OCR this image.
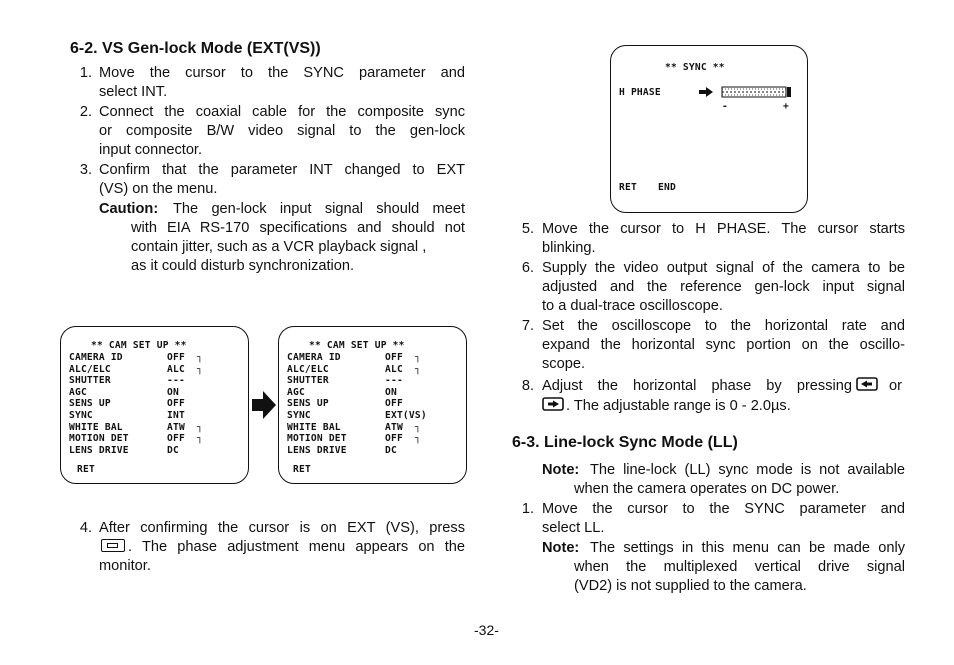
6-2. VS Gen-lock Mode (EXT(VS))
1. Move the cursor to the SYNC parameter and
select INT.
2. Connect the coaxial cable for the composite sync
or composite B/W video signal to the gen-lock
input connector.
3. Confirm that the parameter INT changed to EXT
(VS) on the menu.
Caution: The gen-lock input signal should meet
with EIA RS-170 specifications and should not
contain jitter, such as a VCR playback signal ,
as it could disturb synchronization.
** CAM SET UP **
CAMERA ID	OFF ┐
ALC/ELC	ALC ┐
SHUTTER	---
AGC	ON
SENS UP	OFF
SYNC	INT
WHITE BAL	ATW ┐
MOTION DET	OFF ┐
LENS DRIVE	DC
RET
** CAM SET UP **
CAMERA ID	OFF ┐
ALC/ELC	ALC ┐
SHUTTER	---
AGC	ON
SENS UP	OFF
SYNC	EXT(VS)
WHITE BAL	ATW ┐
MOTION DET	OFF ┐
LENS DRIVE	DC
RET
4. After confirming the cursor is on EXT (VS), press
. The phase adjustment menu appears on the
monitor.
** SYNC **
H PHASE
-	+
RET END
5. Move the cursor to H PHASE. The cursor starts
blinking.
6. Supply the video output signal of the camera to be
adjusted and the reference gen-lock input signal
to a dual-trace oscilloscope.
7. Set the oscilloscope to the horizontal rate and
expand the horizontal sync portion on the oscillo-
scope.
8. Adjust the horizontal phase by pressing	or
. The adjustable range is 0 - 2.0µs.
6-3. Line-lock Sync Mode (LL)
Note: The line-lock (LL) sync mode is not available
when the camera operates on DC power.
1. Move the cursor to the SYNC parameter and
select LL.
Note: The settings in this menu can be made only
when the multiplexed vertical drive signal
(VD2) is not supplied to the camera.
-32-
